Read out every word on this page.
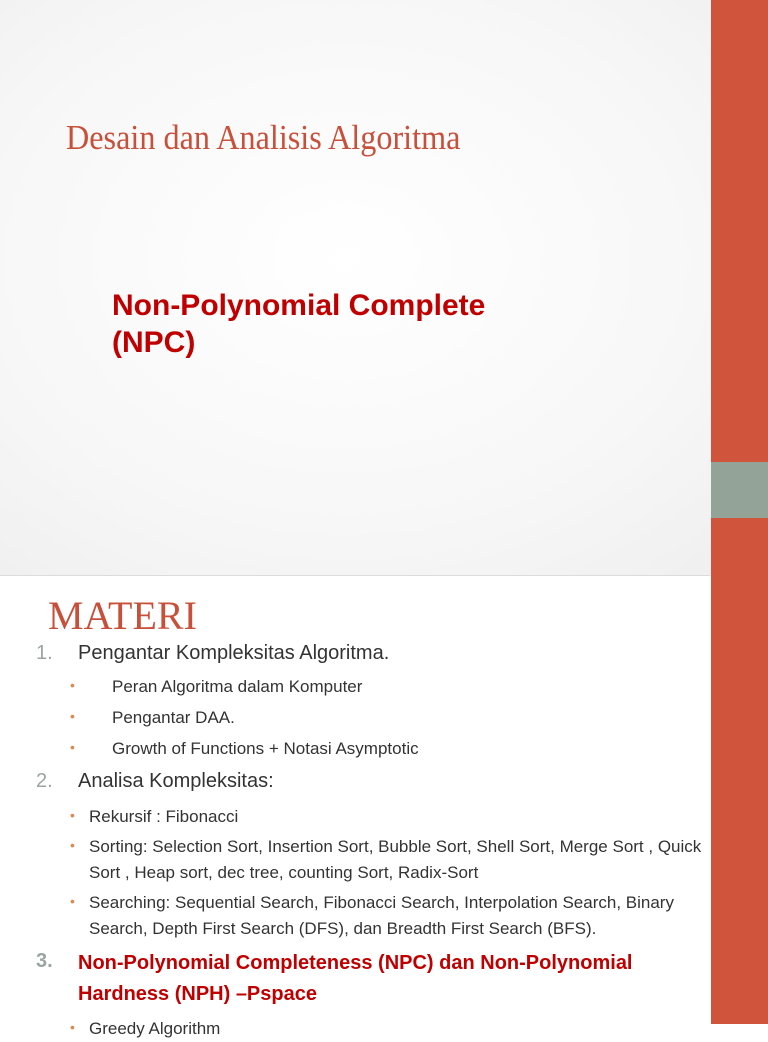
Desain dan Analisis Algoritma
Non-Polynomial Complete
(NPC)
MATERI
1. Pengantar Kompleksitas Algoritma.
• Peran Algoritma dalam Komputer
• Pengantar DAA.
• Growth of Functions + Notasi Asymptotic
2. Analisa Kompleksitas:
• Rekursif : Fibonacci
• Sorting: Selection Sort, Insertion Sort, Bubble Sort, Shell Sort, Merge Sort , Quick Sort , Heap sort, dec tree, counting Sort, Radix-Sort
• Searching: Sequential Search, Fibonacci Search, Interpolation Search, Binary Search, Depth First Search (DFS), dan Breadth First Search (BFS).
3. Non-Polynomial Completeness (NPC) dan Non-Polynomial Hardness (NPH) –Pspace
• Greedy Algorithm
